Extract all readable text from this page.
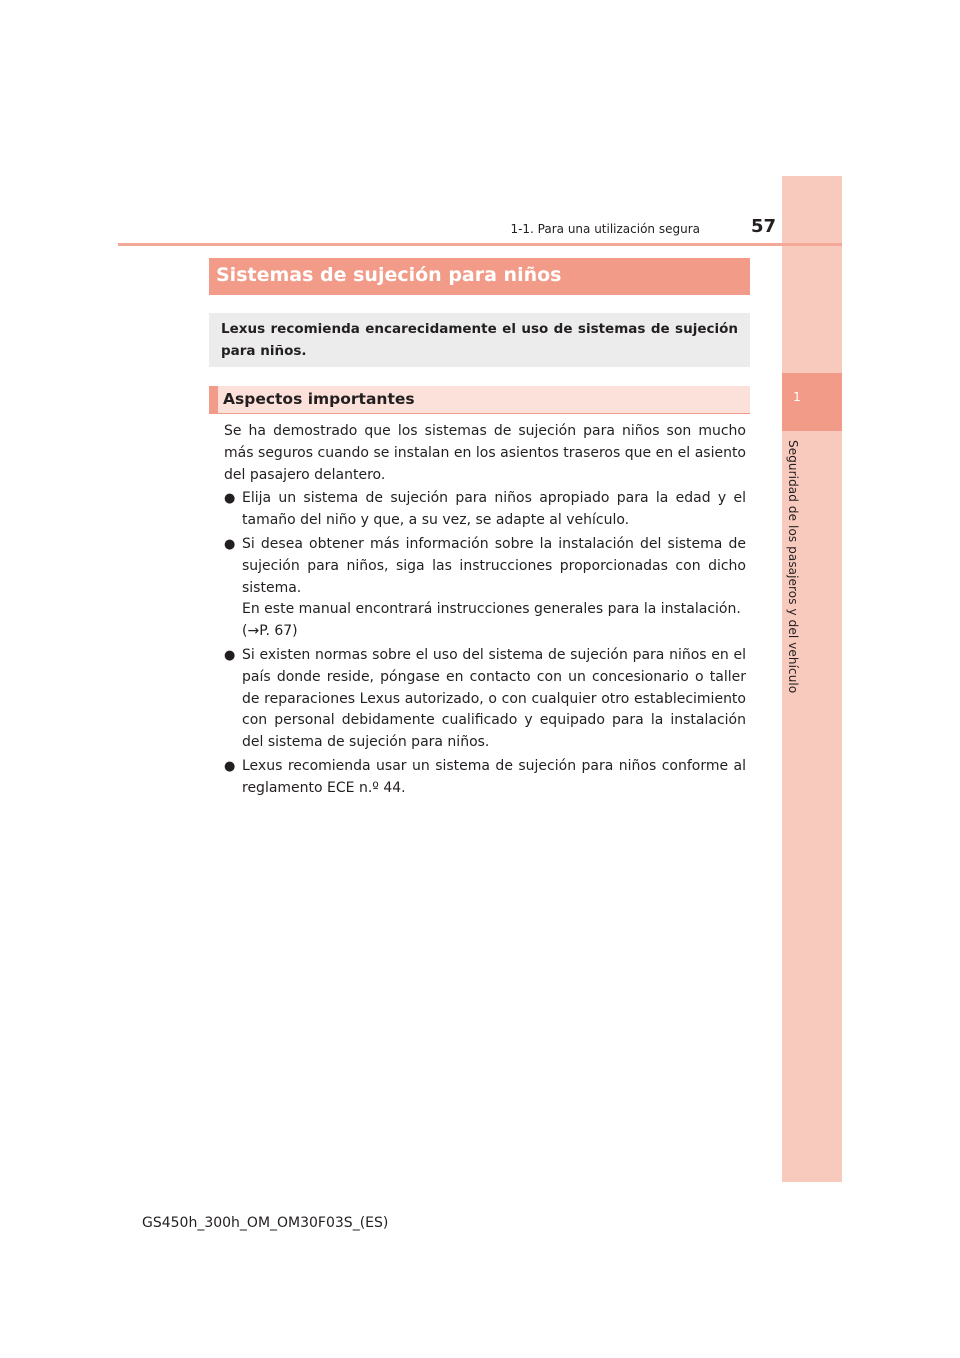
1
Seguridad de los pasajeros y del vehículo
1-1. Para una utilización segura	57
Sistemas de sujeción para niños
Lexus recomienda encarecidamente el uso de sistemas de sujeción para niños.
Aspectos importantes

Se ha demostrado que los sistemas de sujeción para niños son mucho más seguros cuando se instalan en los asientos traseros que en el asiento del pasajero delantero.

● Elija un sistema de sujeción para niños apropiado para la edad y el tamaño del niño y que, a su vez, se adapte al vehículo.
● Si desea obtener más información sobre la instalación del sistema de sujeción para niños, siga las instrucciones proporcionadas con dicho sistema.
En este manual encontrará instrucciones generales para la instalación.
(→P. 67)
● Si existen normas sobre el uso del sistema de sujeción para niños en el país donde reside, póngase en contacto con un concesionario o taller de reparaciones Lexus autorizado, o con cualquier otro establecimiento con personal debidamente cualificado y equipado para la instalación del sistema de sujeción para niños.
● Lexus recomienda usar un sistema de sujeción para niños conforme al reglamento ECE n.º 44.
GS450h_300h_OM_OM30F03S_(ES)
